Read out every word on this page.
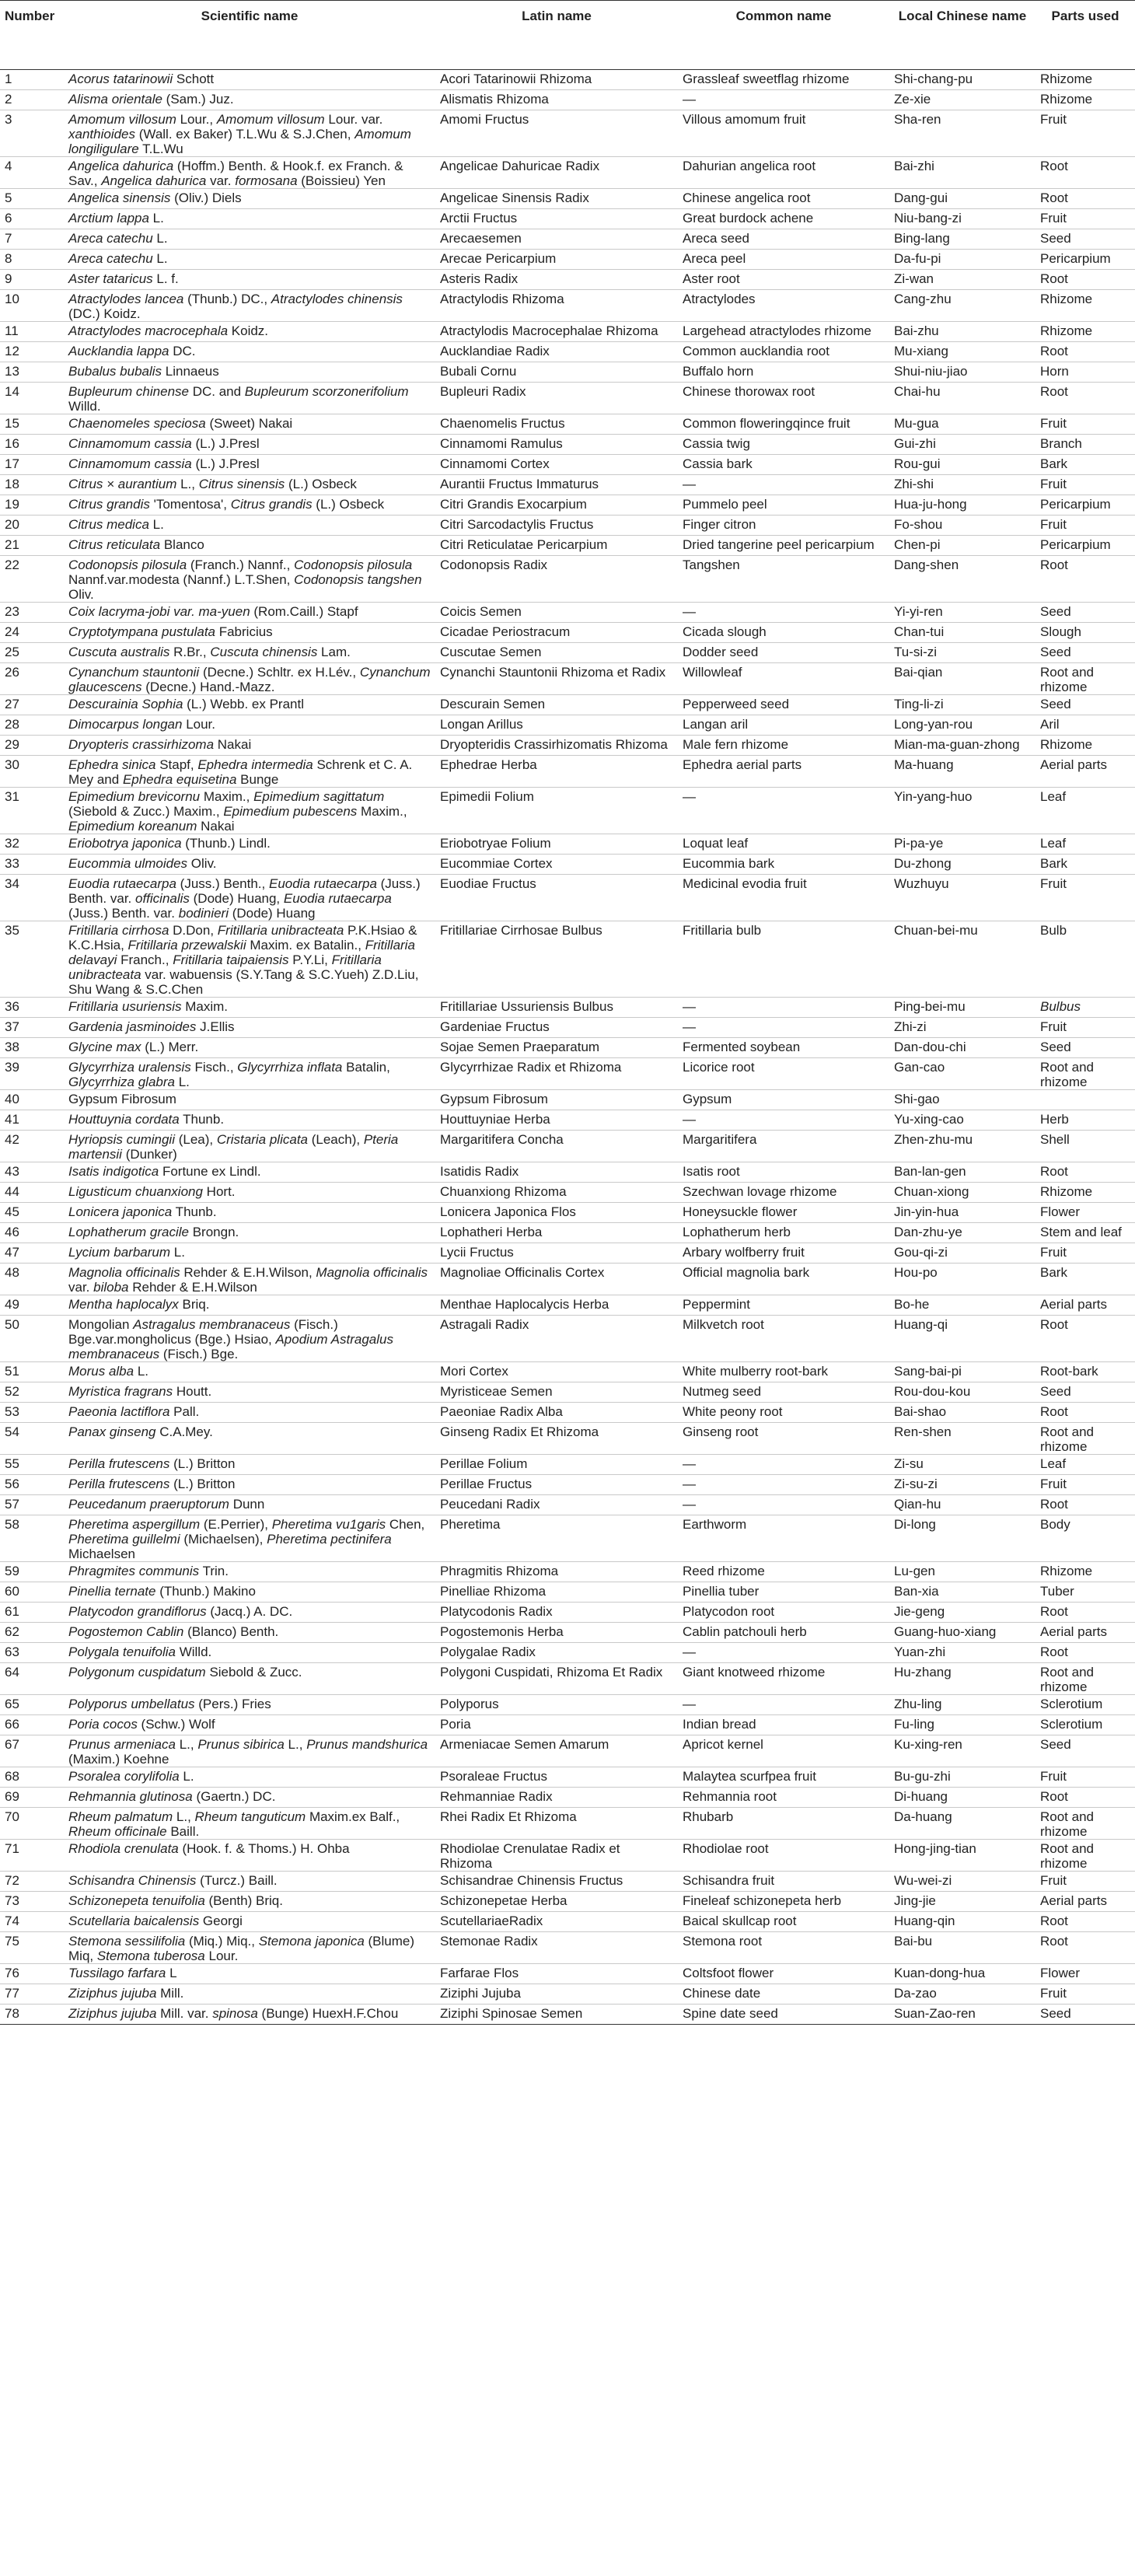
Number	Scientific name	Latin name	Common name	Local Chinese name	Parts used
1	Acorus tatarinowii Schott	Acori Tatarinowii Rhizoma	Grassleaf sweetflag rhizome	Shi-chang-pu	Rhizome
2	Alisma orientale (Sam.) Juz.	Alismatis Rhizoma	—	Ze-xie	Rhizome
3	Amomum villosum Lour., Amomum villosum Lour. var. xanthioides (Wall. ex Baker) T.L.Wu & S.J.Chen, Amomum longiligulare T.L.Wu	Amomi Fructus	Villous amomum fruit	Sha-ren	Fruit
4	Angelica dahurica (Hoffm.) Benth. & Hook.f. ex Franch. & Sav., Angelica dahurica var. formosana (Boissieu) Yen	Angelicae Dahuricae Radix	Dahurian angelica root	Bai-zhi	Root
5	Angelica sinensis (Oliv.) Diels	Angelicae Sinensis Radix	Chinese angelica root	Dang-gui	Root
6	Arctium lappa L.	Arctii Fructus	Great burdock achene	Niu-bang-zi	Fruit
7	Areca catechu L.	Arecaesemen	Areca seed	Bing-lang	Seed
8	Areca catechu L.	Arecae Pericarpium	Areca peel	Da-fu-pi	Pericarpium
9	Aster tataricus L. f.	Asteris Radix	Aster root	Zi-wan	Root
10	Atractylodes lancea (Thunb.) DC., Atractylodes chinensis (DC.) Koidz.	Atractylodis Rhizoma	Atractylodes	Cang-zhu	Rhizome
11	Atractylodes macrocephala Koidz.	Atractylodis Macrocephalae Rhizoma	Largehead atractylodes rhizome	Bai-zhu	Rhizome
12	Aucklandia lappa DC.	Aucklandiae Radix	Common aucklandia root	Mu-xiang	Root
13	Bubalus bubalis Linnaeus	Bubali Cornu	Buffalo horn	Shui-niu-jiao	Horn
14	Bupleurum chinense DC. and Bupleurum scorzonerifolium Willd.	Bupleuri Radix	Chinese thorowax root	Chai-hu	Root
15	Chaenomeles speciosa (Sweet) Nakai	Chaenomelis Fructus	Common floweringqince fruit	Mu-gua	Fruit
16	Cinnamomum cassia (L.) J.Presl	Cinnamomi Ramulus	Cassia twig	Gui-zhi	Branch
17	Cinnamomum cassia (L.) J.Presl	Cinnamomi Cortex	Cassia bark	Rou-gui	Bark
18	Citrus × aurantium L., Citrus sinensis (L.) Osbeck	Aurantii Fructus Immaturus	—	Zhi-shi	Fruit
19	Citrus grandis 'Tomentosa', Citrus grandis (L.) Osbeck	Citri Grandis Exocarpium	Pummelo peel	Hua-ju-hong	Pericarpium
20	Citrus medica L.	Citri Sarcodactylis Fructus	Finger citron	Fo-shou	Fruit
21	Citrus reticulata Blanco	Citri Reticulatae Pericarpium	Dried tangerine peel pericarpium	Chen-pi	Pericarpium
22	Codonopsis pilosula (Franch.) Nannf., Codonopsis pilosula Nannf.var.modesta (Nannf.) L.T.Shen, Codonopsis tangshen Oliv.	Codonopsis Radix	Tangshen	Dang-shen	Root
23	Coix lacryma-jobi var. ma-yuen (Rom.Caill.) Stapf	Coicis Semen	—	Yi-yi-ren	Seed
24	Cryptotympana pustulata Fabricius	Cicadae Periostracum	Cicada slough	Chan-tui	Slough
25	Cuscuta australis R.Br., Cuscuta chinensis Lam.	Cuscutae Semen	Dodder seed	Tu-si-zi	Seed
26	Cynanchum stauntonii (Decne.) Schltr. ex H.Lév., Cynanchum glaucescens (Decne.) Hand.-Mazz.	Cynanchi Stauntonii Rhizoma et Radix	Willowleaf	Bai-qian	Root and rhizome
27	Descurainia Sophia (L.) Webb. ex Prantl	Descurain Semen	Pepperweed seed	Ting-li-zi	Seed
28	Dimocarpus longan Lour.	Longan Arillus	Langan aril	Long-yan-rou	Aril
29	Dryopteris crassirhizoma Nakai	Dryopteridis Crassirhizomatis Rhizoma	Male fern rhizome	Mian-ma-guan-zhong	Rhizome
30	Ephedra sinica Stapf, Ephedra intermedia Schrenk et C. A. Mey and Ephedra equisetina Bunge	Ephedrae Herba	Ephedra aerial parts	Ma-huang	Aerial parts
31	Epimedium brevicornu Maxim., Epimedium sagittatum (Siebold & Zucc.) Maxim., Epimedium pubescens Maxim., Epimedium koreanum Nakai	Epimedii Folium	—	Yin-yang-huo	Leaf
32	Eriobotrya japonica (Thunb.) Lindl.	Eriobotryae Folium	Loquat leaf	Pi-pa-ye	Leaf
33	Eucommia ulmoides Oliv.	Eucommiae Cortex	Eucommia bark	Du-zhong	Bark
34	Euodia rutaecarpa (Juss.) Benth., Euodia rutaecarpa (Juss.) Benth. var. officinalis (Dode) Huang, Euodia rutaecarpa (Juss.) Benth. var. bodinieri (Dode) Huang	Euodiae Fructus	Medicinal evodia fruit	Wuzhuyu	Fruit
35	Fritillaria cirrhosa D.Don, Fritillaria unibracteata P.K.Hsiao & K.C.Hsia, Fritillaria przewalskii Maxim. ex Batalin., Fritillaria delavayi Franch., Fritillaria taipaiensis P.Y.Li, Fritillaria unibracteata var. wabuensis (S.Y.Tang & S.C.Yueh) Z.D.Liu, Shu Wang & S.C.Chen	Fritillariae Cirrhosae Bulbus	Fritillaria bulb	Chuan-bei-mu	Bulb
36	Fritillaria usuriensis Maxim.	Fritillariae Ussuriensis Bulbus	—	Ping-bei-mu	Bulbus
37	Gardenia jasminoides J.Ellis	Gardeniae Fructus	—	Zhi-zi	Fruit
38	Glycine max (L.) Merr.	Sojae Semen Praeparatum	Fermented soybean	Dan-dou-chi	Seed
39	Glycyrrhiza uralensis Fisch., Glycyrrhiza inflata Batalin, Glycyrrhiza glabra L.	Glycyrrhizae Radix et Rhizoma	Licorice root	Gan-cao	Root and rhizome
40	Gypsum Fibrosum	Gypsum Fibrosum	Gypsum	Shi-gao	
41	Houttuynia cordata Thunb.	Houttuyniae Herba	—	Yu-xing-cao	Herb
42	Hyriopsis cumingii (Lea), Cristaria plicata (Leach), Pteria martensii (Dunker)	Margaritifera Concha	Margaritifera	Zhen-zhu-mu	Shell
43	Isatis indigotica Fortune ex Lindl.	Isatidis Radix	Isatis root	Ban-lan-gen	Root
44	Ligusticum chuanxiong Hort.	Chuanxiong Rhizoma	Szechwan lovage rhizome	Chuan-xiong	Rhizome
45	Lonicera japonica Thunb.	Lonicera Japonica Flos	Honeysuckle flower	Jin-yin-hua	Flower
46	Lophatherum gracile Brongn.	Lophatheri Herba	Lophatherum herb	Dan-zhu-ye	Stem and leaf
47	Lycium barbarum L.	Lycii Fructus	Arbary wolfberry fruit	Gou-qi-zi	Fruit
48	Magnolia officinalis Rehder & E.H.Wilson, Magnolia officinalis var. biloba Rehder & E.H.Wilson	Magnoliae Officinalis Cortex	Official magnolia bark	Hou-po	Bark
49	Mentha haplocalyx Briq.	Menthae Haplocalycis Herba	Peppermint	Bo-he	Aerial parts
50	Mongolian Astragalus membranaceus (Fisch.) Bge.var.mongholicus (Bge.) Hsiao, Apodium Astragalus membranaceus (Fisch.) Bge.	Astragali Radix	Milkvetch root	Huang-qi	Root
51	Morus alba L.	Mori Cortex	White mulberry root-bark	Sang-bai-pi	Root-bark
52	Myristica fragrans Houtt.	Myristiceae Semen	Nutmeg seed	Rou-dou-kou	Seed
53	Paeonia lactiflora Pall.	Paeoniae Radix Alba	White peony root	Bai-shao	Root
54	Panax ginseng C.A.Mey.	Ginseng Radix Et Rhizoma	Ginseng root	Ren-shen	Root and rhizome
55	Perilla frutescens (L.) Britton	Perillae Folium	—	Zi-su	Leaf
56	Perilla frutescens (L.) Britton	Perillae Fructus	—	Zi-su-zi	Fruit
57	Peucedanum praeruptorum Dunn	Peucedani Radix	—	Qian-hu	Root
58	Pheretima aspergillum (E.Perrier), Pheretima vu1garis Chen, Pheretima guillelmi (Michaelsen), Pheretima pectinifera Michaelsen	Pheretima	Earthworm	Di-long	Body
59	Phragmites communis Trin.	Phragmitis Rhizoma	Reed rhizome	Lu-gen	Rhizome
60	Pinellia ternate (Thunb.) Makino	Pinelliae Rhizoma	Pinellia tuber	Ban-xia	Tuber
61	Platycodon grandiflorus (Jacq.) A. DC.	Platycodonis Radix	Platycodon root	Jie-geng	Root
62	Pogostemon Cablin (Blanco) Benth.	Pogostemonis Herba	Cablin patchouli herb	Guang-huo-xiang	Aerial parts
63	Polygala tenuifolia Willd.	Polygalae Radix	—	Yuan-zhi	Root
64	Polygonum cuspidatum Siebold & Zucc.	Polygoni Cuspidati, Rhizoma Et Radix	Giant knotweed rhizome	Hu-zhang	Root and rhizome
65	Polyporus umbellatus (Pers.) Fries	Polyporus	—	Zhu-ling	Sclerotium
66	Poria cocos (Schw.) Wolf	Poria	Indian bread	Fu-ling	Sclerotium
67	Prunus armeniaca L., Prunus sibirica L., Prunus mandshurica (Maxim.) Koehne	Armeniacae Semen Amarum	Apricot kernel	Ku-xing-ren	Seed
68	Psoralea corylifolia L.	Psoraleae Fructus	Malaytea scurfpea fruit	Bu-gu-zhi	Fruit
69	Rehmannia glutinosa (Gaertn.) DC.	Rehmanniae Radix	Rehmannia root	Di-huang	Root
70	Rheum palmatum L., Rheum tanguticum Maxim.ex Balf., Rheum officinale Baill.	Rhei Radix Et Rhizoma	Rhubarb	Da-huang	Root and rhizome
71	Rhodiola crenulata (Hook. f. & Thoms.) H. Ohba	Rhodiolae Crenulatae Radix et Rhizoma	Rhodiolae root	Hong-jing-tian	Root and rhizome
72	Schisandra Chinensis (Turcz.) Baill.	Schisandrae Chinensis Fructus	Schisandra fruit	Wu-wei-zi	Fruit
73	Schizonepeta tenuifolia (Benth) Briq.	Schizonepetae Herba	Fineleaf schizonepeta herb	Jing-jie	Aerial parts
74	Scutellaria baicalensis Georgi	ScutellariaeRadix	Baical skullcap root	Huang-qin	Root
75	Stemona sessilifolia (Miq.) Miq., Stemona japonica (Blume) Miq, Stemona tuberosa Lour.	Stemonae Radix	Stemona root	Bai-bu	Root
76	Tussilago farfara L	Farfarae Flos	Coltsfoot flower	Kuan-dong-hua	Flower
77	Ziziphus jujuba Mill.	Ziziphi Jujuba	Chinese date	Da-zao	Fruit
78	Ziziphus jujuba Mill. var. spinosa (Bunge) HuexH.F.Chou	Ziziphi Spinosae Semen	Spine date seed	Suan-Zao-ren	Seed
